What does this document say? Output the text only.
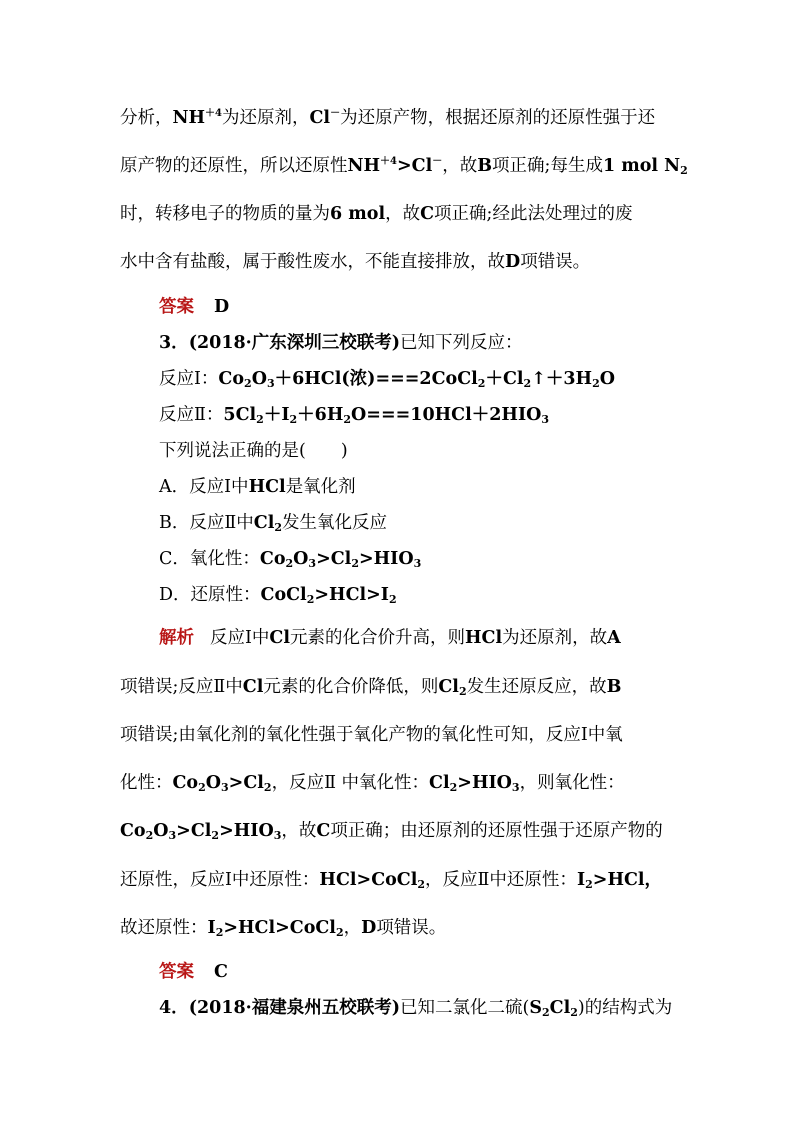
分析，$NH^{+4}$为还原剂，Cl－为还原产物，根据还原剂的还原性强于还
原产物的还原性，所以还原性$NH^{+4}>Cl^-$，故B项正确;每生成1 mol $N_2$
时，转移电子的物质的量为6 mol，故C项正确;经此法处理过的废
水中含有盐酸，属于酸性废水，不能直接排放，故D项错误。
答案 D
3．(2018·广东深圳三校联考)已知下列反应：
反应Ⅰ：$Co_2O_3+6HCl$(浓)$===2CoCl_2+Cl_2↑+3H_2O$
反应Ⅱ：$5Cl_2+I_2+6H_2O===10HCl+2HIO_3$
下列说法正确的是(　　)
A．反应Ⅰ中HCl是氧化剂
B．反应Ⅱ中$Cl_2$发生氧化反应
C．氧化性：$Co_2O_3>Cl_2>HIO_3$
D．还原性：$CoCl_2>HCl>I_2$
解析 反应Ⅰ中Cl元素的化合价升高，则HCl为还原剂，故A
项错误;反应Ⅱ中Cl元素的化合价降低，则$Cl_2$发生还原反应，故B
项错误;由氧化剂的氧化性强于氧化产物的氧化性可知，反应Ⅰ中氧
化性：$Co_2O_3>Cl_2$，反应Ⅱ 中氧化性：$Cl_2>HIO_3$，则氧化性：
$Co_2O_3>Cl_2>HIO_3$，故C项正确；由还原剂的还原性强于还原产物的
还原性，反应Ⅰ中还原性：HCl>CoCl$_2$，反应Ⅱ中还原性：$I_2>HCl$，
故还原性：$I_2>HCl>CoCl_2$，D项错误。
答案 C
4．(2018·福建泉州五校联考)已知二氯化二硫$(S_2Cl_2)$的结构式为
